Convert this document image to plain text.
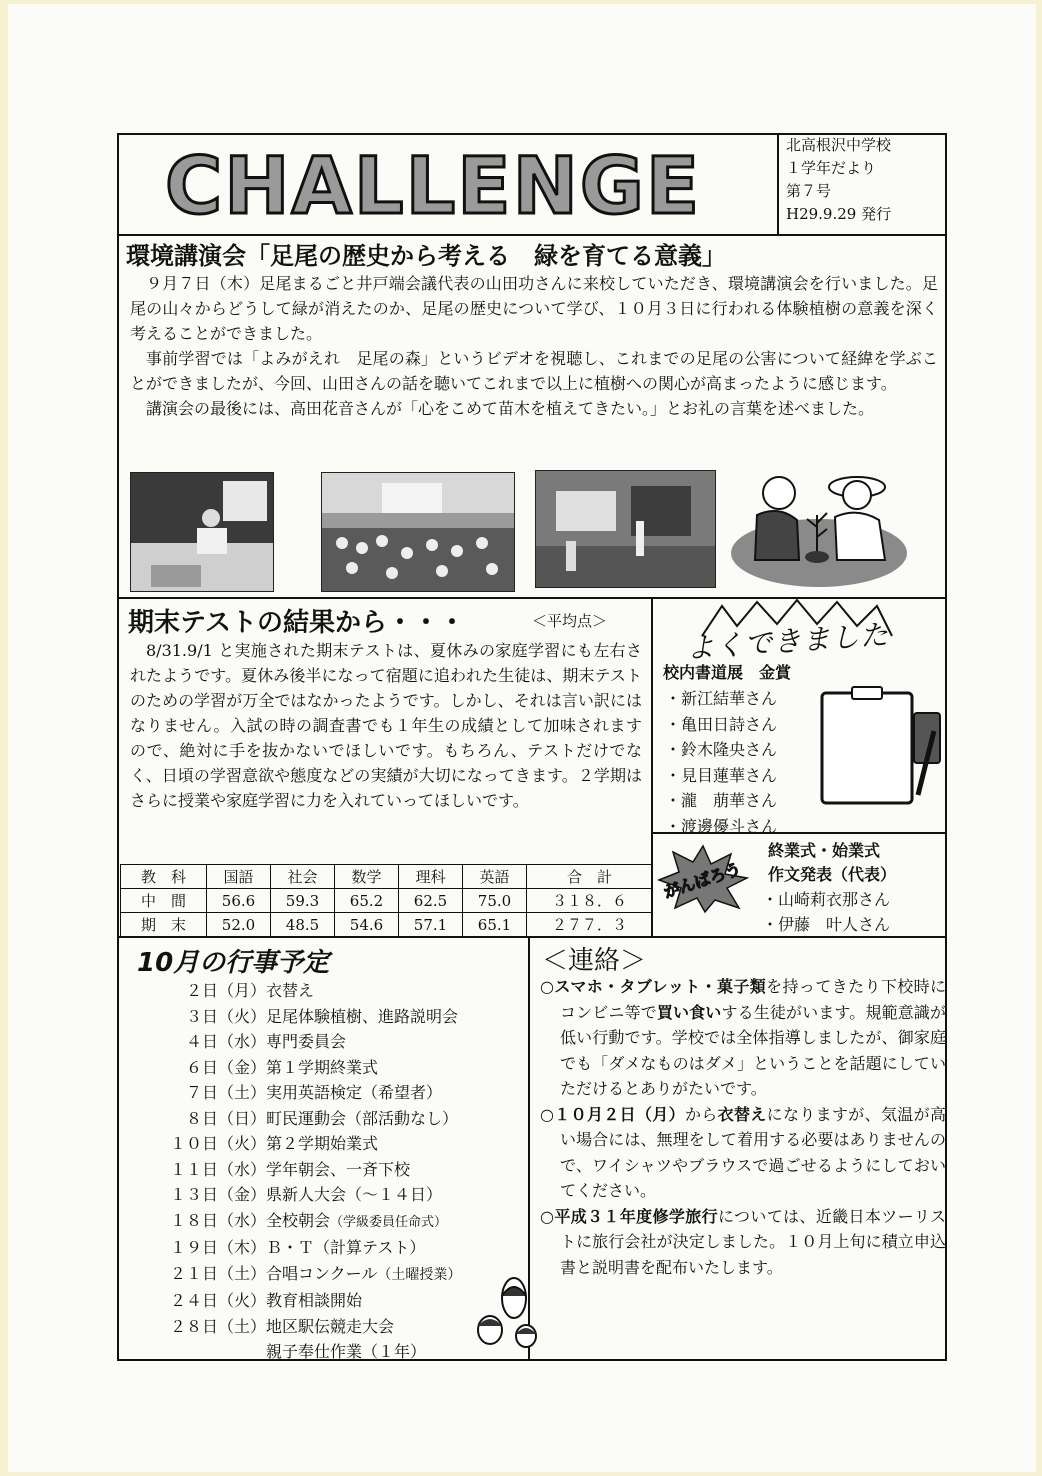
CHALLENGE	北高根沢中学校
１学年だより
第７号
H29.9.29 発行
環境講演会「足尾の歴史から考える　緑を育てる意義」

９月７日（木）足尾まるごと井戸端会議代表の山田功さんに来校していただき、環境講演会を行いました。足尾の山々からどうして緑が消えたのか、足尾の歴史について学び、１０月３日に行われる体験植樹の意義を深く考えることができました。

事前学習では「よみがえれ　足尾の森」というビデオを視聴し、これまでの足尾の公害について経緯を学ぶことができましたが、今回、山田さんの話を聴いてこれまで以上に植樹への関心が高まったように感じます。

講演会の最後には、高田花音さんが「心をこめて苗木を植えてきたい。」とお礼の言葉を述べました。

期末テストの結果から・・・	＜平均点＞

8/31.9/1 と実施された期末テストは、夏休みの家庭学習にも左右されたようです。夏休み後半になって宿題に追われた生徒は、期末テストのための学習が万全ではなかったようです。しかし、それは言い訳にはなりません。入試の時の調査書でも１年生の成績として加味されますので、絶対に手を抜かないでほしいです。もちろん、テストだけでなく、日頃の学習意欲や態度などの実績が大切になってきます。２学期はさらに授業や家庭学習に力を入れていってほしいです。

教　科	国語	社会	数学	理科	英語	合　計
中　間	56.6	59.3	65.2	62.5	75.0	３１８．６
期　末	52.0	48.5	54.6	57.1	65.1	２７７．３
よくできました
校内書道展　金賞
・新江結華さん
・亀田日詩さん
・鈴木隆央さん
・見目蓮華さん
・瀧　萠華さん
・渡邊優斗さん
がんばろう
終業式・始業式
作文発表（代表）
・山崎莉衣那さん
・伊藤　叶人さん
10月の行事予定
２日（月）衣替え
３日（火）足尾体験植樹、進路説明会
４日（水）専門委員会
６日（金）第１学期終業式
７日（土）実用英語検定（希望者）
８日（日）町民運動会（部活動なし）
１０日（火）第２学期始業式
１１日（水）学年朝会、一斉下校
１３日（金）県新人大会（～１４日）
１８日（水）全校朝会（学級委員任命式）
１９日（木）Ｂ・Ｔ（計算テスト）
２１日（土）合唱コンクール（土曜授業）
２４日（火）教育相談開始
２８日（土）地区駅伝競走大会
親子奉仕作業（１年）
＜連絡＞
○スマホ・タブレット・菓子類を持ってきたり下校時にコンビニ等で買い食いする生徒がいます。規範意識が低い行動です。学校では全体指導しましたが、御家庭でも「ダメなものはダメ」ということを話題にしていただけるとありがたいです。
○１０月２日（月）から衣替えになりますが、気温が高い場合には、無理をして着用する必要はありませんので、ワイシャツやブラウスで過ごせるようにしておいてください。
○平成３１年度修学旅行については、近畿日本ツーリストに旅行会社が決定しました。１０月上旬に積立申込書と説明書を配布いたします。
